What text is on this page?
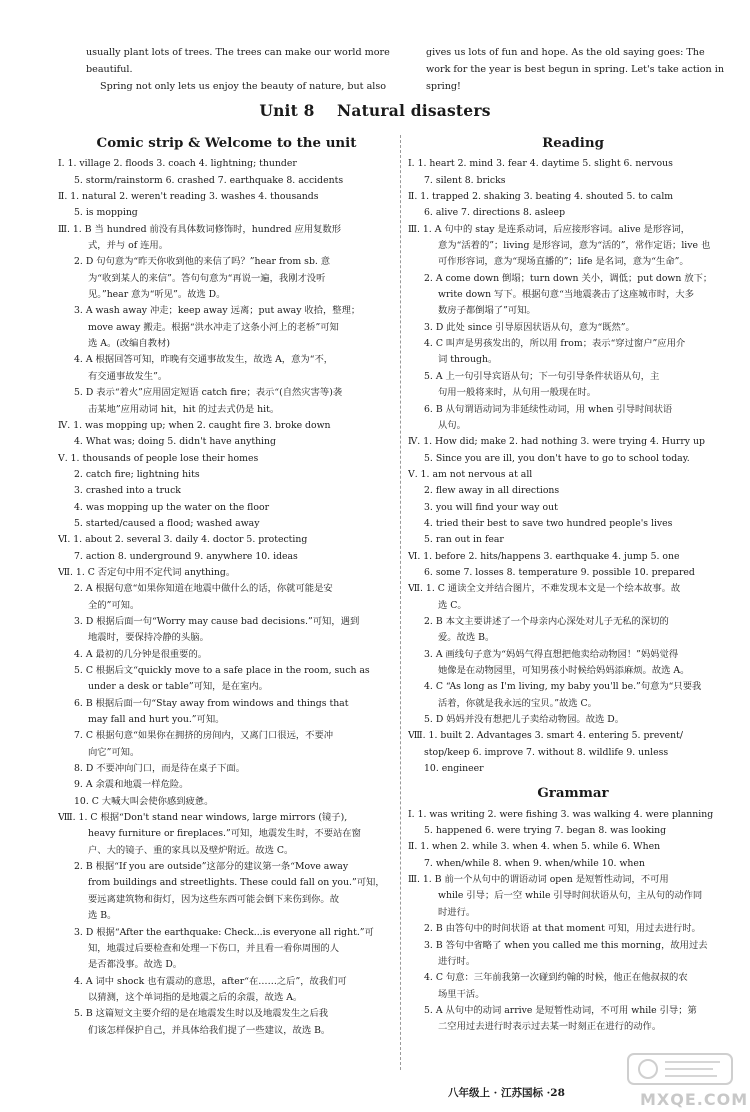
usually plant lots of trees. The trees can make our world more beautiful.

Spring not only lets us enjoy the beauty of nature, but also

gives us lots of fun and hope. As the old saying goes: The work for the year is best begun in spring. Let's take action in spring!

Unit 8    Natural disasters
Comic strip & Welcome to the unit
Ⅰ. 1. village 2. floods 3. coach 4. lightning; thunder
5. storm/rainstorm 6. crashed 7. earthquake 8. accidents
Ⅱ. 1. natural 2. weren't reading 3. washes 4. thousands
5. is mopping
Ⅲ. 1. B 当 hundred 前没有具体数词修饰时，hundred 应用复数形
式，并与 of 连用。
2. D 句句意为“昨天你收到他的来信了吗？”hear from sb. 意
为“收到某人的来信”。答句句意为“再说一遍，我刚才没听
见。”hear 意为“听见”。故选 D。
3. A wash away 冲走；keep away 远离；put away 收拾，整理；
move away 搬走。根据“洪水冲走了这条小河上的老桥”可知
选 A。(改编自教材)
4. A 根据回答可知，昨晚有交通事故发生，故选 A，意为“不，
有交通事故发生”。
5. D 表示“着火”应用固定短语 catch fire；表示“(自然灾害等)袭
击某地”应用动词 hit，hit 的过去式仍是 hit。
Ⅳ. 1. was mopping up; when 2. caught fire 3. broke down
4. What was; doing 5. didn't have anything
Ⅴ. 1. thousands of people lose their homes
2. catch fire; lightning hits
3. crashed into a truck
4. was mopping up the water on the floor
5. started/caused a flood; washed away
Ⅵ. 1. about 2. several 3. daily 4. doctor 5. protecting
7. action 8. underground 9. anywhere 10. ideas
Ⅶ. 1. C 否定句中用不定代词 anything。
2. A 根据句意“如果你知道在地震中做什么的话，你就可能是安
全的”可知。
3. D 根据后面一句“Worry may cause bad decisions.”可知，遇到
地震时，要保持冷静的头脑。
4. A 最初的几分钟是很重要的。
5. C 根据后文“quickly move to a safe place in the room, such as
under a desk or table”可知，是在室内。
6. B 根据后面一句“Stay away from windows and things that
may fall and hurt you.”可知。
7. C 根据句意“如果你在拥挤的房间内，又离门口很远，不要冲
向它”可知。
8. D 不要冲向门口，而是待在桌子下面。
9. A 余震和地震一样危险。
10. C 大喊大叫会使你感到疲惫。
Ⅷ. 1. C 根据“Don't stand near windows, large mirrors (镜子),
heavy furniture or fireplaces.”可知，地震发生时，不要站在窗
户、大的镜子、重的家具以及壁炉附近。故选 C。
2. B 根据“If you are outside”这部分的建议第一条“Move away
from buildings and streetlights. These could fall on you.”可知，
要远离建筑物和街灯，因为这些东西可能会倒下来伤到你。故
选 B。
3. D 根据“After the earthquake: Check...is everyone all right.”可
知，地震过后要检查和处理一下伤口，并且看一看你周围的人
是否都没事。故选 D。
4. A 词中 shock 也有震动的意思，after“在……之后”，故我们可
以猜测，这个单词指的是地震之后的余震，故选 A。
5. B 这篇短文主要介绍的是在地震发生时以及地震发生之后我
们该怎样保护自己，并具体给我们提了一些建议，故选 B。
Reading
Ⅰ. 1. heart 2. mind 3. fear 4. daytime 5. slight 6. nervous
7. silent 8. bricks
Ⅱ. 1. trapped 2. shaking 3. beating 4. shouted 5. to calm
6. alive 7. directions 8. asleep
Ⅲ. 1. A 句中的 stay 是连系动词，后应接形容词。alive 是形容词，
意为“活着的”；living 是形容词，意为“活的”，常作定语；live 也
可作形容词，意为“现场直播的”；life 是名词，意为“生命”。
2. A come down 倒塌；turn down 关小，调低；put down 放下；
write down 写下。根据句意“当地震袭击了这座城市时，大多
数房子都倒塌了”可知。
3. D 此处 since 引导原因状语从句，意为“既然”。
4. C 叫声是男孩发出的，所以用 from；表示“穿过窗户”应用介
词 through。
5. A 上一句引导宾语从句；下一句引导条件状语从句，主
句用一般将来时，从句用一般现在时。
6. B 从句谓语动词为非延续性动词，用 when 引导时间状语
从句。
Ⅳ. 1. How did; make 2. had nothing 3. were trying 4. Hurry up
5. Since you are ill, you don't have to go to school today.
Ⅴ. 1. am not nervous at all
2. flew away in all directions
3. you will find your way out
4. tried their best to save two hundred people's lives
5. ran out in fear
Ⅵ. 1. before 2. hits/happens 3. earthquake 4. jump 5. one
6. some 7. losses 8. temperature 9. possible 10. prepared
Ⅶ. 1. C 通读全文并结合图片，不难发现本文是一个绘本故事。故
选 C。
2. B 本文主要讲述了一个母亲内心深处对儿子无私的深切的
爱。故选 B。
3. A 画线句子意为“妈妈气得直想把他卖给动物园！”妈妈觉得
她像是在动物园里，可知男孩小时候给妈妈添麻烦。故选 A。
4. C “As long as I'm living, my baby you'll be.”句意为“只要我
活着，你就是我永远的宝贝。”故选 C。
5. D 妈妈并没有想把儿子卖给动物园。故选 D。
Ⅷ. 1. built 2. Advantages 3. smart 4. entering 5. prevent/
stop/keep 6. improve 7. without 8. wildlife 9. unless
10. engineer
Grammar
Ⅰ. 1. was writing 2. were fishing 3. was walking 4. were planning
5. happened 6. were trying 7. began 8. was looking
Ⅱ. 1. when 2. while 3. when 4. when 5. while 6. When
7. when/while 8. when 9. when/while 10. when
Ⅲ. 1. B 前一个从句中的谓语动词 open 是短暂性动词，不可用
while 引导；后一空 while 引导时间状语从句，主从句的动作同
时进行。
2. B 由答句中的时间状语 at that moment 可知，用过去进行时。
3. B 答句中省略了 when you called me this morning，故用过去
进行时。
4. C 句意：三年前我第一次碰到约翰的时候，他正在他叔叔的农
场里干活。
5. A 从句中的动词 arrive 是短暂性动词，不可用 while 引导；第
二空用过去进行时表示过去某一时刻正在进行的动作。
八年级上 · 江苏国标 ·28	MXQE.COM
